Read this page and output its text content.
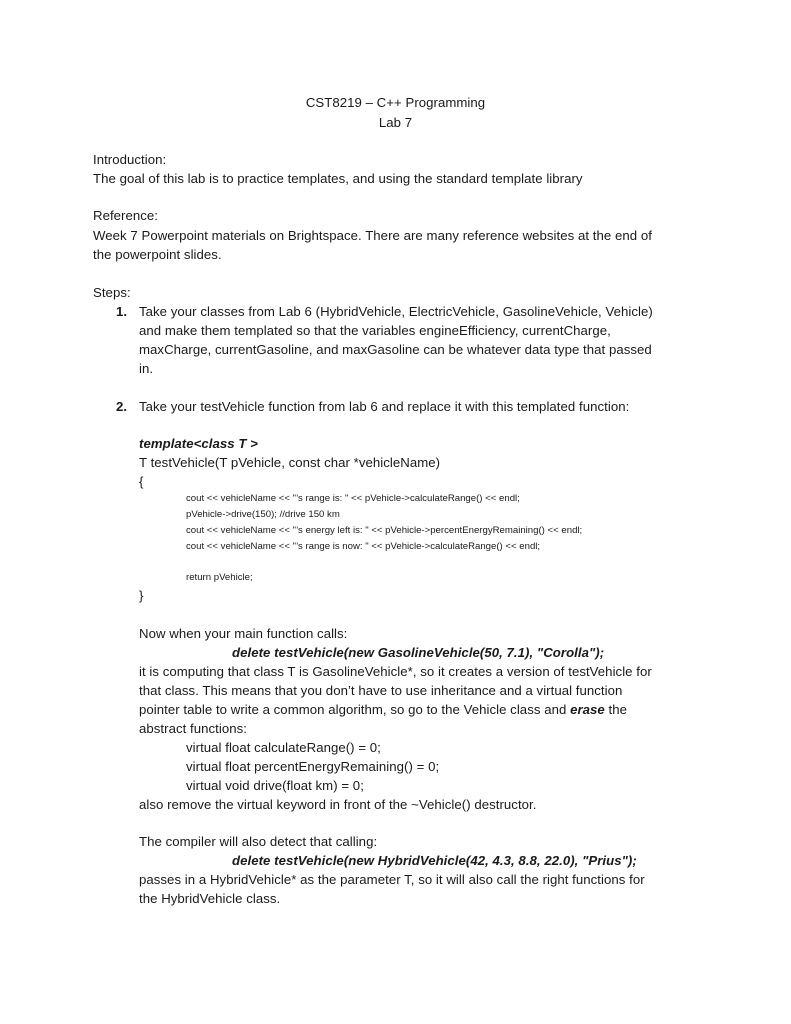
CST8219 – C++ Programming
Lab 7
Introduction:
The goal of this lab is to practice templates, and using the standard template library
Reference:
Week 7 Powerpoint materials on Brightspace. There are many reference websites at the end of
the powerpoint slides.
Steps:
1. Take your classes from Lab 6 (HybridVehicle, ElectricVehicle, GasolineVehicle, Vehicle)
and make them templated so that the variables engineEfficiency, currentCharge,
maxCharge, currentGasoline, and maxGasoline can be whatever data type that passed
in.
2. Take your testVehicle function from lab 6 and replace it with this templated function:
template<class T >
T testVehicle(T pVehicle, const char *vehicleName)
{
cout << vehicleName << "’s range is: " << pVehicle->calculateRange() << endl;
pVehicle->drive(150); //drive 150 km
cout << vehicleName << "’s energy left is: " << pVehicle->percentEnergyRemaining() << endl;
cout << vehicleName << "’s range is now: " << pVehicle->calculateRange() << endl;
return pVehicle;
}
Now when your main function calls:
delete testVehicle(new GasolineVehicle(50, 7.1), "Corolla");
it is computing that class T is GasolineVehicle*, so it creates a version of testVehicle for
that class. This means that you don’t have to use inheritance and a virtual function
pointer table to write a common algorithm, so go to the Vehicle class and erase the
abstract functions:
virtual float calculateRange() = 0;
virtual float percentEnergyRemaining() = 0;
virtual void drive(float km) = 0;
also remove the virtual keyword in front of the ~Vehicle() destructor.
The compiler will also detect that calling:
delete testVehicle(new HybridVehicle(42, 4.3, 8.8, 22.0), "Prius");
passes in a HybridVehicle* as the parameter T, so it will also call the right functions for
the HybridVehicle class.
